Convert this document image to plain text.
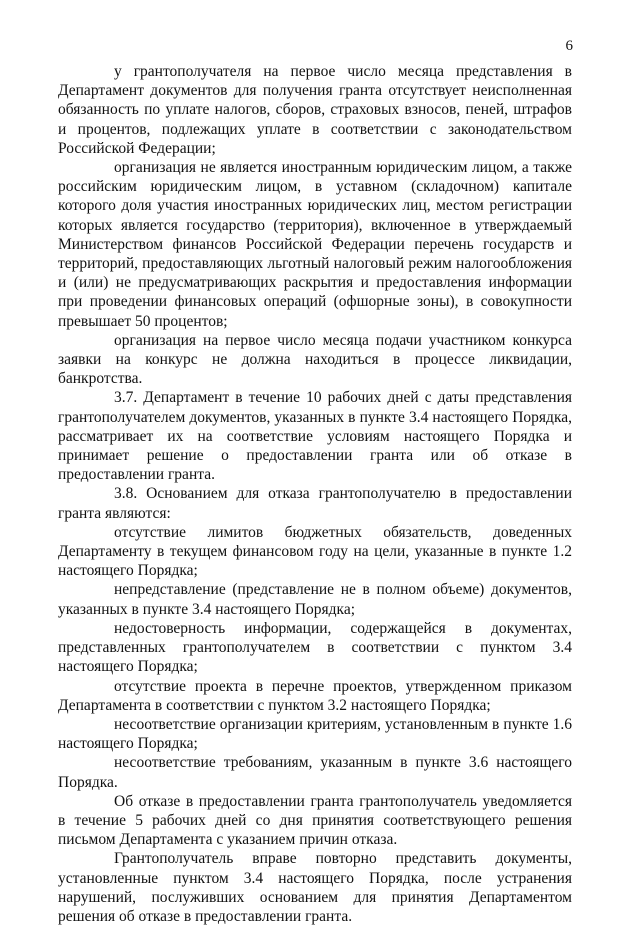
6

у грантополучателя на первое число месяца представления в Департамент документов для получения гранта отсутствует неисполненная обязанность по уплате налогов, сборов, страховых взносов, пеней, штрафов и процентов, подлежащих уплате в соответствии с законодательством Российской Федерации;

организация не является иностранным юридическим лицом, а также российским юридическим лицом, в уставном (складочном) капитале которого доля участия иностранных юридических лиц, местом регистрации которых является государство (территория), включенное в утверждаемый Министерством финансов Российской Федерации перечень государств и территорий, предоставляющих льготный налоговый режим налогообложения и (или) не предусматривающих раскрытия и предоставления информации при проведении финансовых операций (офшорные зоны), в совокупности превышает 50 процентов;

организация на первое число месяца подачи участником конкурса заявки на конкурс не должна находиться в процессе ликвидации, банкротства.

3.7. Департамент в течение 10 рабочих дней с даты представления грантополучателем документов, указанных в пункте 3.4 настоящего Порядка, рассматривает их на соответствие условиям настоящего Порядка и принимает решение о предоставлении гранта или об отказе в предоставлении гранта.

3.8. Основанием для отказа грантополучателю в предоставлении гранта являются:

отсутствие лимитов бюджетных обязательств, доведенных Департаменту в текущем финансовом году на цели, указанные в пункте 1.2 настоящего Порядка;

непредставление (представление не в полном объеме) документов, указанных в пункте 3.4 настоящего Порядка;

недостоверность информации, содержащейся в документах, представленных грантополучателем в соответствии с пунктом 3.4 настоящего Порядка;

отсутствие проекта в перечне проектов, утвержденном приказом Департамента в соответствии с пунктом 3.2 настоящего Порядка;

несоответствие организации критериям, установленным в пункте 1.6 настоящего Порядка;

несоответствие требованиям, указанным в пункте 3.6 настоящего Порядка.

Об отказе в предоставлении гранта грантополучатель уведомляется в течение 5 рабочих дней со дня принятия соответствующего решения письмом Департамента с указанием причин отказа.

Грантополучатель вправе повторно представить документы, установленные пунктом 3.4 настоящего Порядка, после устранения нарушений, послуживших основанием для принятия Департаментом решения об отказе в предоставлении гранта.
